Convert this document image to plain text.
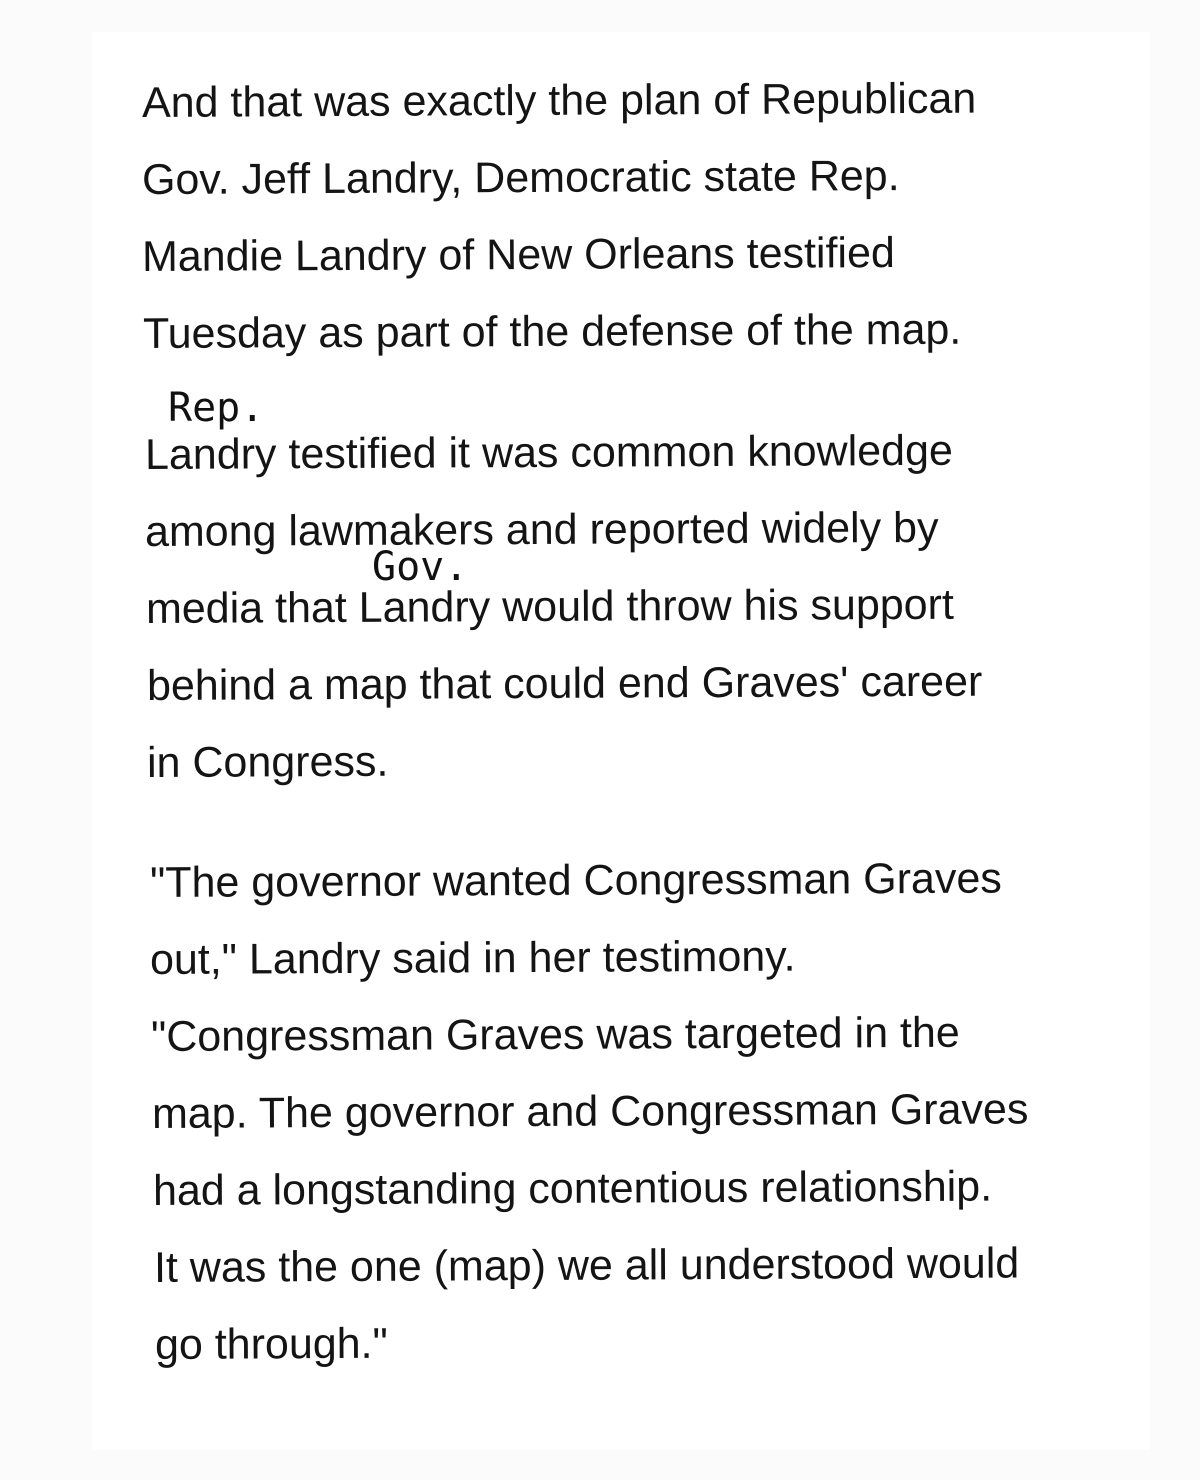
And that was exactly the plan of Republican

Gov. Jeff Landry, Democratic state Rep.

Mandie Landry of New Orleans testified

Tuesday as part of the defense of the map.

Landry testified it was common knowledge

among lawmakers and reported widely by

media that Landry would throw his support

behind a map that could end Graves' career

in Congress.

"The governor wanted Congressman Graves

out," Landry said in her testimony.

"Congressman Graves was targeted in the

map. The governor and Congressman Graves

had a longstanding contentious relationship.

It was the one (map) we all understood would

go through."

Rep.
Gov.
